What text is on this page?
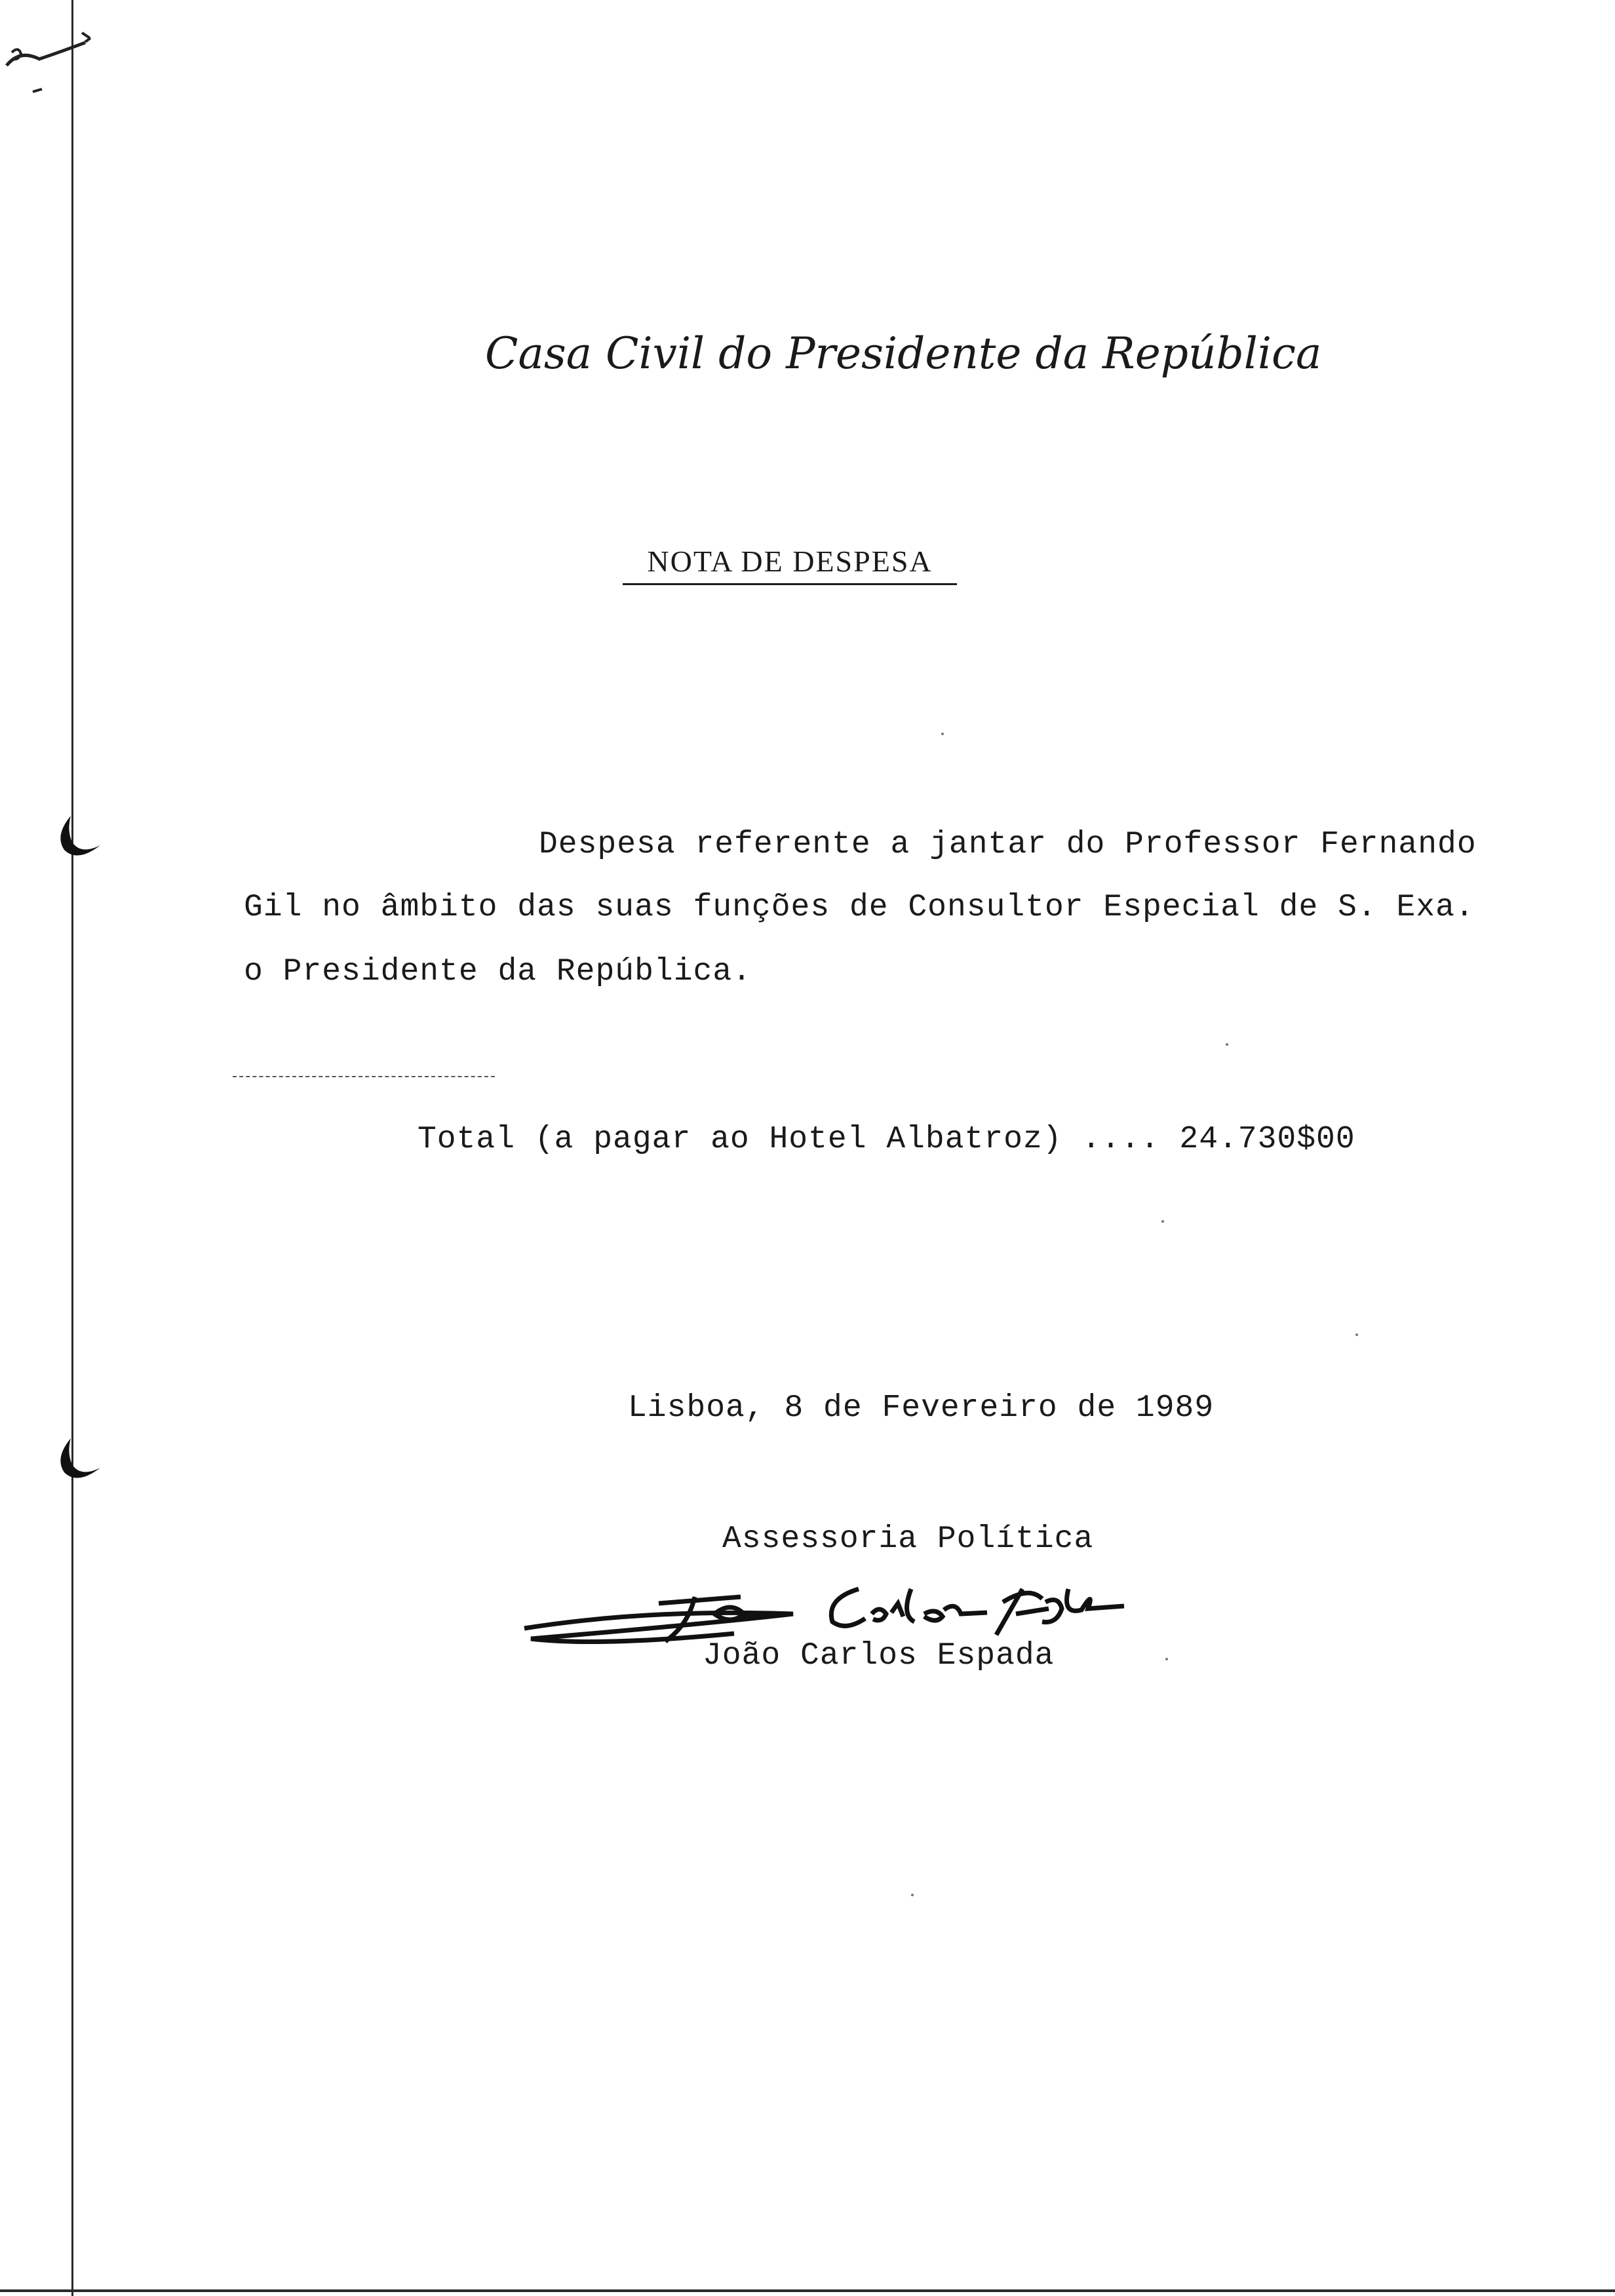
Casa Civil do Presidente da República
NOTA DE DESPESA
Despesa referente a jantar do Professor Fernando
Gil no âmbito das suas funções de Consultor Especial de S. Exa.
o Presidente da República.
Total (a pagar ao Hotel Albatroz) .... 24.730$00
Lisboa, 8 de Fevereiro de 1989
Assessoria Política
João Carlos Espada
